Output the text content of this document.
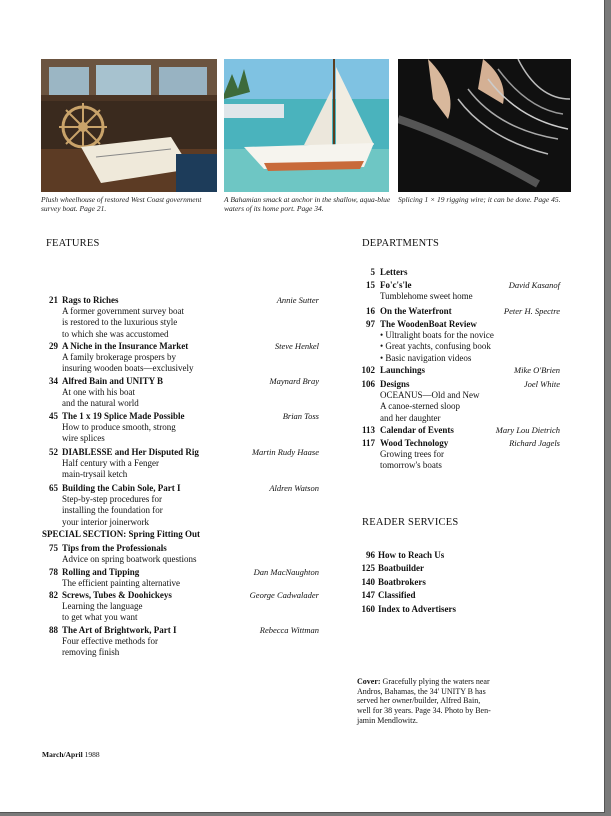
Plush wheelhouse of restored West Coast government survey boat. Page 21.
A Bahamian smack at anchor in the shallow, aqua-blue waters of its home port. Page 34.
Splicing 1 × 19 rigging wire; it can be done. Page 45.
FEATURES	DEPARTMENTS
READER SERVICES
21 Rags to Riches	Annie Sutter
A former government survey boat
is restored to the luxurious style
to which she was accustomed
29 A Niche in the Insurance Market	Steve Henkel
A family brokerage prospers by
insuring wooden boats—exclusively
34 Alfred Bain and UNITY B	Maynard Bray
At one with his boat
and the natural world
45 The 1 x 19 Splice Made Possible	Brian Toss
How to produce smooth, strong
wire splices
52 DIABLESSE and Her Disputed Rig	Martin Rudy Haase
Half century with a Fenger
main-trysail ketch
65 Building the Cabin Sole, Part I	Aldren Watson
Step-by-step procedures for
installing the foundation for
your interior joinerwork
SPECIAL SECTION: Spring Fitting Out
75 Tips from the Professionals
Advice on spring boatwork questions
78 Rolling and Tipping	Dan MacNaughton
The efficient painting alternative
82 Screws, Tubes & Doohickeys	George Cadwalader
Learning the language
to get what you want
88 The Art of Brightwork, Part I	Rebecca Wittman
Four effective methods for
removing finish
5 Letters
15 Fo'c's'le	David Kasanof
Tumblehome sweet home
16 On the Waterfront	Peter H. Spectre
97 The WoodenBoat Review
• Ultralight boats for the novice
• Great yachts, confusing book
• Basic navigation videos
102 Launchings	Mike O'Brien
106 Designs	Joel White
OCEANUS—Old and New
A canoe-sterned sloop
and her daughter
113 Calendar of Events	Mary Lou Dietrich
117 Wood Technology	Richard Jagels
Growing trees for
tomorrow's boats
96 How to Reach Us
125 Boatbuilder
140 Boatbrokers
147 Classified
160 Index to Advertisers
Cover: Gracefully plying the waters near
Andros, Bahamas, the 34' UNITY B has
served her owner/builder, Alfred Bain,
well for 38 years. Page 34. Photo by Ben-
jamin Mendlowitz.
March/April 1988
